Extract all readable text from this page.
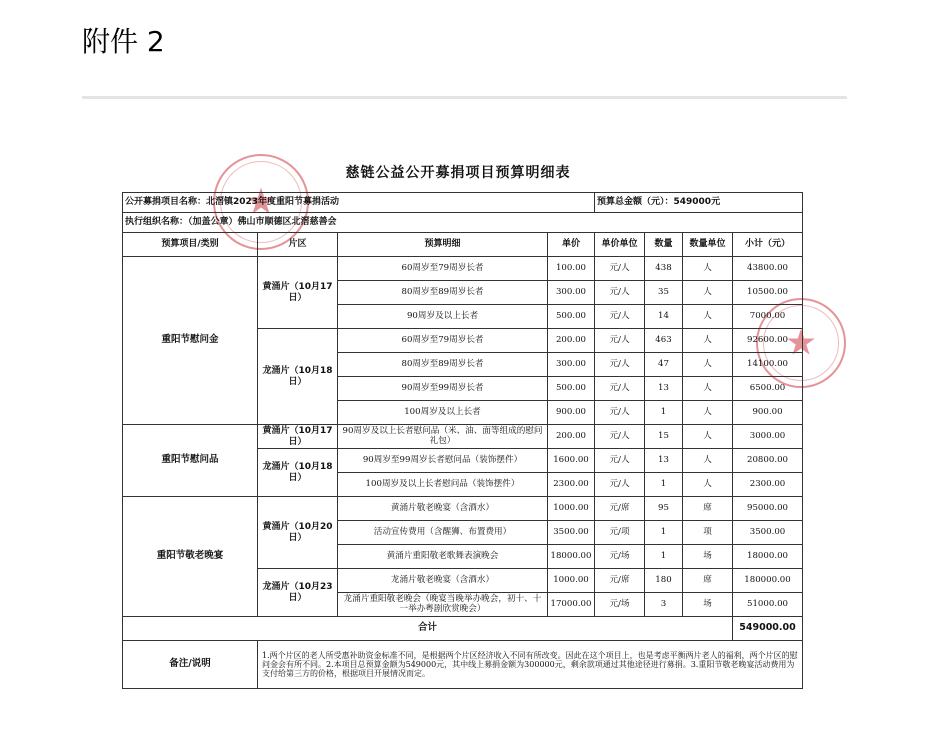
附件 2
慈链公益公开募捐项目预算明细表
★
★
公开募捐项目名称：北滘镇2023年度重阳节募捐活动				预算总金额（元）：549000元			
执行组织名称：（加盖公章）佛山市顺德区北滘慈善会							
预算项目/类别	片区	预算明细	单价	单价单位	数量	数量单位	小计（元）
重阳节慰问金	黄涌片（10月17日）	60周岁至79周岁长者	100.00	元/人	438	人	43800.00
		80周岁至89周岁长者	300.00	元/人	35	人	10500.00
		90周岁及以上长者	500.00	元/人	14	人	7000.00
	龙涌片（10月18日）	60周岁至79周岁长者	200.00	元/人	463	人	92600.00
		80周岁至89周岁长者	300.00	元/人	47	人	14100.00
		90周岁至99周岁长者	500.00	元/人	13	人	6500.00
		100周岁及以上长者	900.00	元/人	1	人	900.00
重阳节慰问品	黄涌片（10月17日）	90周岁及以上长者慰问品（米、油、面等组成的慰问礼包）	200.00	元/人	15	人	3000.00
	龙涌片（10月18日）	90周岁至99周岁长者慰问品（装饰摆件）	1600.00	元/人	13	人	20800.00
		100周岁及以上长者慰问品（装饰摆件）	2300.00	元/人	1	人	2300.00
重阳节敬老晚宴	黄涌片（10月20日）	黄涌片敬老晚宴（含酒水）	1000.00	元/席	95	席	95000.00
		活动宣传费用（含醒狮、布置费用）	3500.00	元/项	1	项	3500.00
		黄涌片重阳敬老歌舞表演晚会	18000.00	元/场	1	场	18000.00
	龙涌片（10月23日）	龙涌片敬老晚宴（含酒水）	1000.00	元/席	180	席	180000.00
		龙涌片重阳敬老晚会（晚宴当晚举办晚会，初十、十一举办粤剧欣赏晚会）	17000.00	元/场	3	场	51000.00
合计							549000.00
备注/说明	1.两个片区的老人所受惠补助资金标准不同，是根据两个片区经济收入不同有所改变。因此在这个项目上，也是考虑平衡两片老人的福利，两个片区的慰问金会有所不同。2.本项目总预算金额为549000元，其中线上募捐金额为300000元，剩余款项通过其他途径进行募捐。3.重阳节敬老晚宴活动费用为支付给第三方的价格，根据项目开展情况而定。						
